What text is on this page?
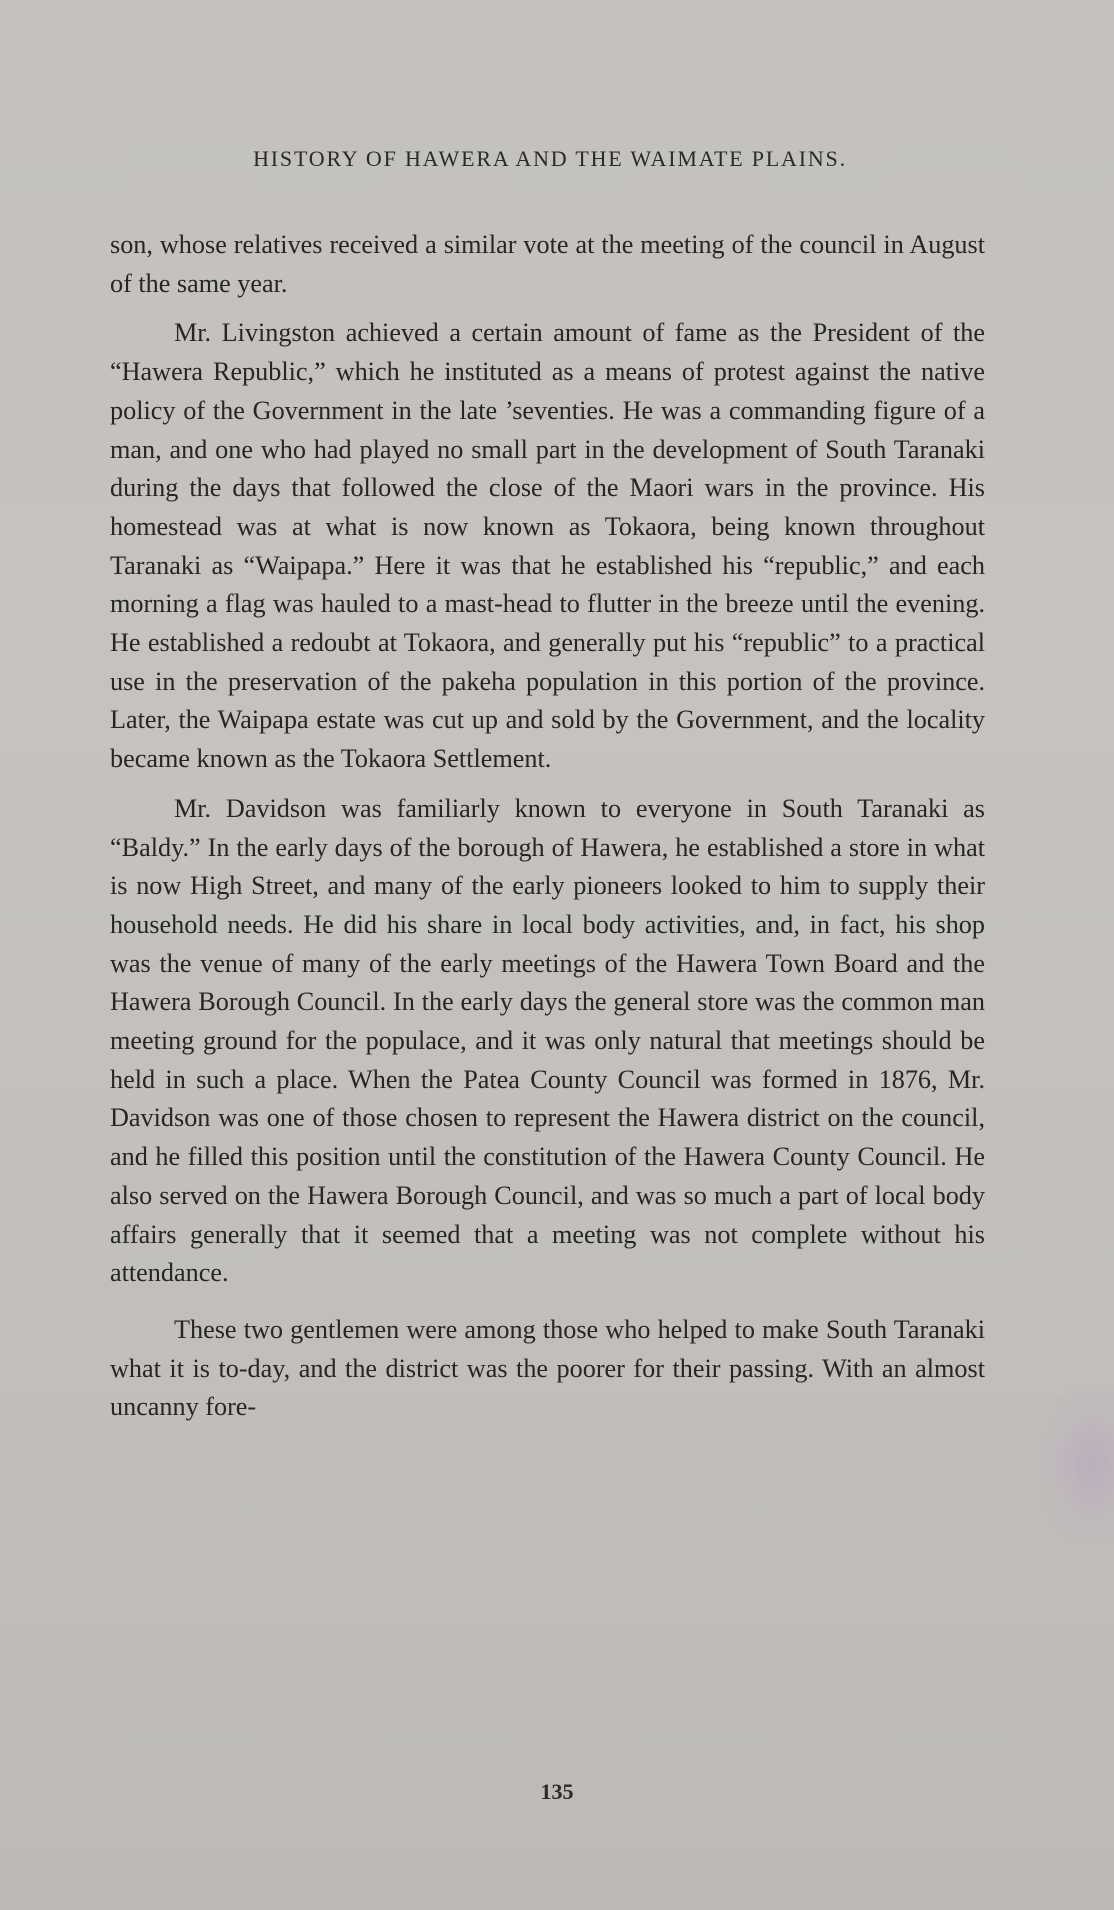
HISTORY OF HAWERA AND THE WAIMATE PLAINS.

son, whose relatives received a similar vote at the meeting of the council in August of the same year.

Mr. Livingston achieved a certain amount of fame as the President of the “Hawera Republic,” which he instituted as a means of protest against the native policy of the Government in the late ’seventies. He was a commanding figure of a man, and one who had played no small part in the development of South Taranaki during the days that followed the close of the Maori wars in the province. His homestead was at what is now known as Tokaora, being known throughout Taranaki as “Waipapa.” Here it was that he established his “republic,” and each morning a flag was hauled to a mast-head to flutter in the breeze until the evening. He established a redoubt at Tokaora, and generally put his “republic” to a practical use in the preservation of the pakeha population in this portion of the province. Later, the Waipapa estate was cut up and sold by the Government, and the locality became known as the Tokaora Settlement.

Mr. Davidson was familiarly known to everyone in South Taranaki as “Baldy.” In the early days of the borough of Hawera, he established a store in what is now High Street, and many of the early pioneers looked to him to supply their household needs. He did his share in local body activities, and, in fact, his shop was the venue of many of the early meetings of the Hawera Town Board and the Hawera Borough Council. In the early days the general store was the common man meeting ground for the populace, and it was only natural that meetings should be held in such a place. When the Patea County Council was formed in 1876, Mr. Davidson was one of those chosen to represent the Hawera district on the council, and he filled this position until the constitution of the Hawera County Council. He also served on the Hawera Borough Council, and was so much a part of local body affairs generally that it seemed that a meeting was not complete without his attendance.

These two gentlemen were among those who helped to make South Taranaki what it is to-day, and the district was the poorer for their passing. With an almost uncanny fore-

135
